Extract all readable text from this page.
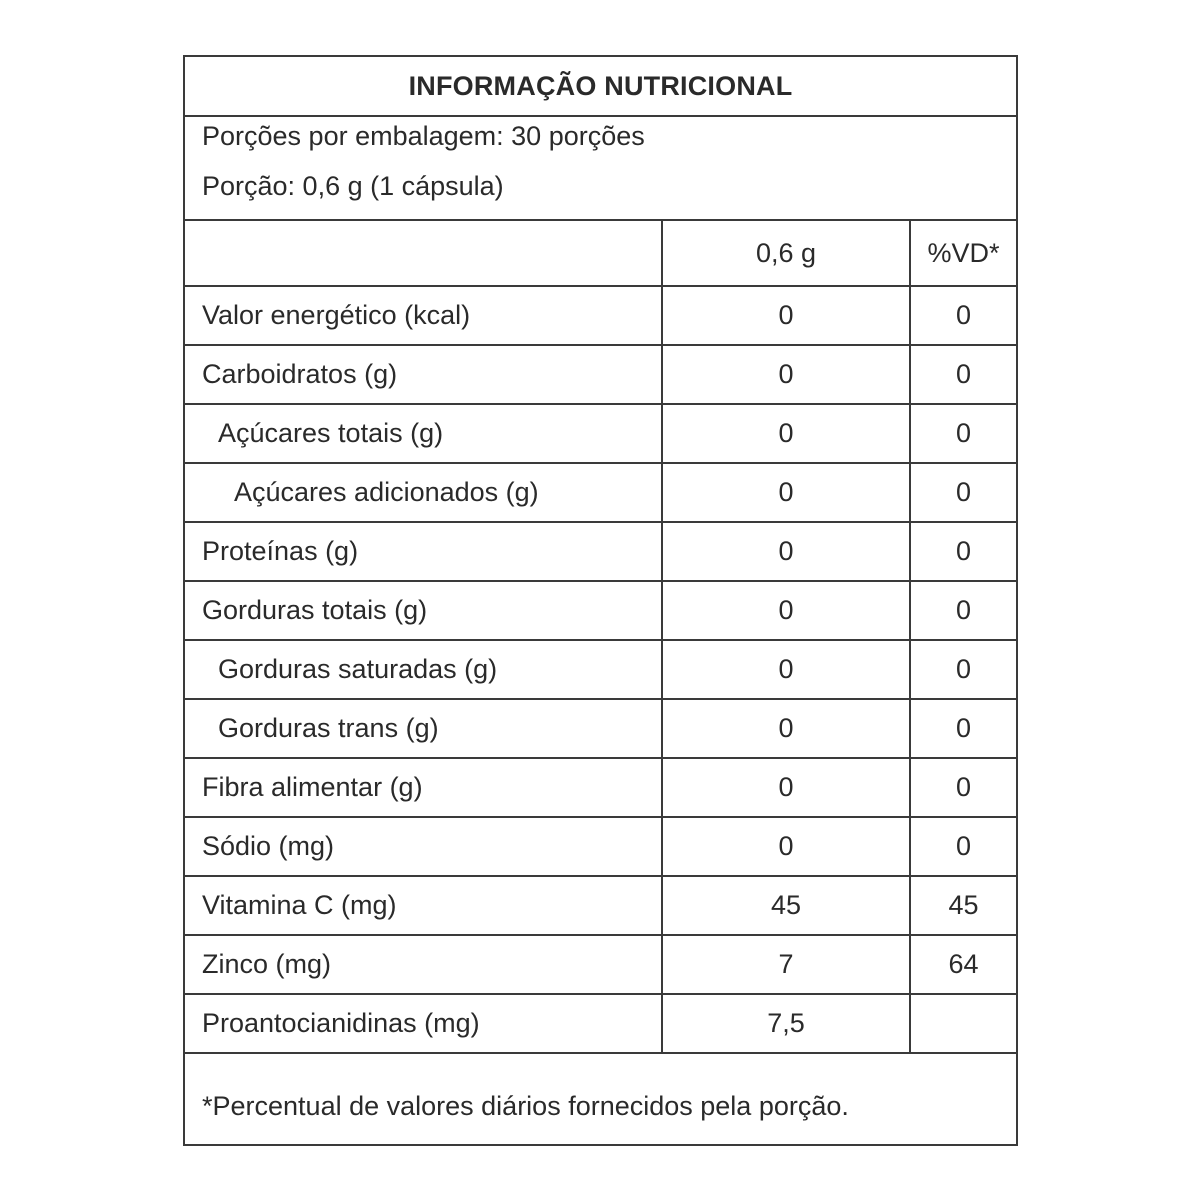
INFORMAÇÃO NUTRICIONAL
Porções por embalagem: 30 porções
Porção: 0,6 g (1 cápsula)
	0,6 g	%VD*
Valor energético (kcal)	0	0
Carboidratos (g)	0	0
Açúcares totais (g)	0	0
Açúcares adicionados (g)	0	0
Proteínas (g)	0	0
Gorduras totais (g)	0	0
Gorduras saturadas (g)	0	0
Gorduras trans (g)	0	0
Fibra alimentar (g)	0	0
Sódio (mg)	0	0
Vitamina C (mg)	45	45
Zinco (mg)	7	64
Proantocianidinas (mg)	7,5	
*Percentual de valores diários fornecidos pela porção.
